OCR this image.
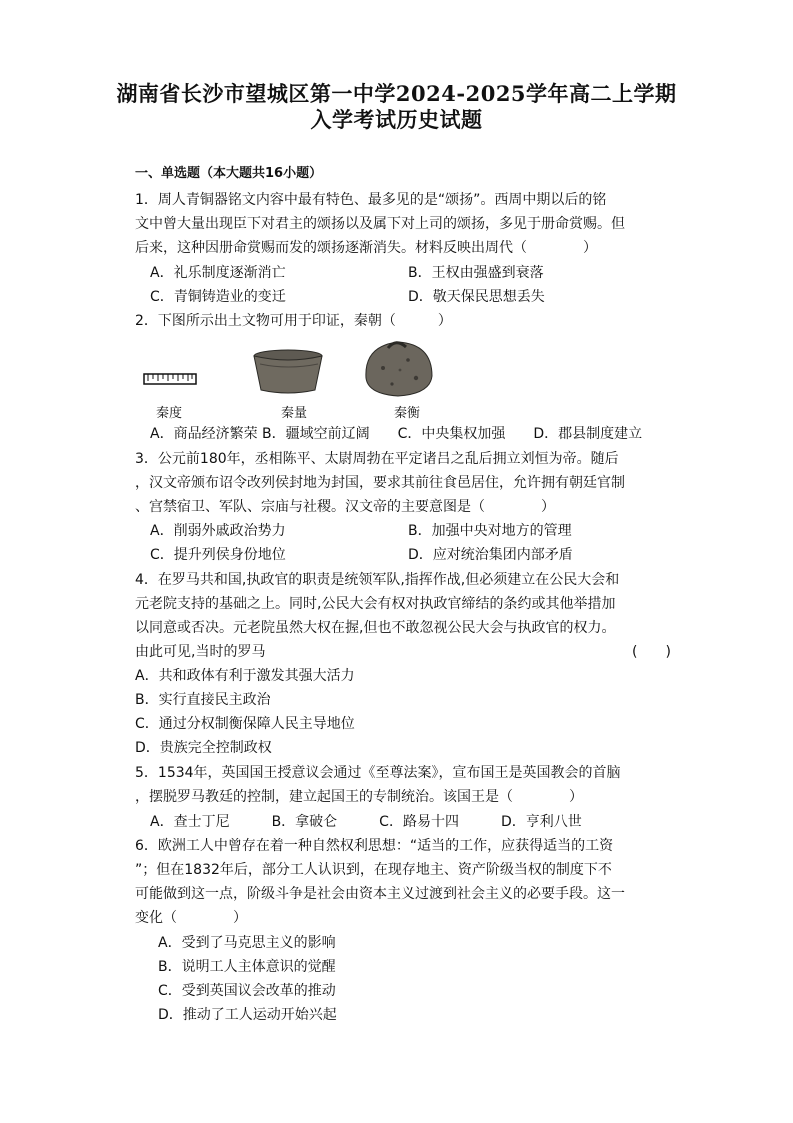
湖南省长沙市望城区第一中学2024-2025学年高二上学期
入学考试历史试题
一、单选题（本大题共16小题）
1．周人青铜器铭文内容中最有特色、最多见的是“颂扬”。西周中期以后的铭
文中曾大量出现臣下对君主的颂扬以及属下对上司的颂扬，多见于册命赏赐。但
后来，这种因册命赏赐而发的颂扬逐渐消失。材料反映出周代（　　　　）
A．礼乐制度逐渐消亡	B．王权由强盛到衰落
C．青铜铸造业的变迁	D．敬天保民思想丢失
2．下图所示出土文物可用于印证，秦朝（　　　）
秦度	秦量	秦衡
A．商品经济繁荣 B．疆域空前辽阔　　C．中央集权加强　　D．郡县制度建立
3．公元前180年，丞相陈平、太尉周勃在平定诸吕之乱后拥立刘恒为帝。随后
，汉文帝颁布诏令改列侯封地为封国，要求其前往食邑居住，允许拥有朝廷官制
、宫禁宿卫、军队、宗庙与社稷。汉文帝的主要意图是（　　　　）
A．削弱外戚政治势力	B．加强中央对地方的管理
C．提升列侯身份地位	D．应对统治集团内部矛盾
4．在罗马共和国,执政官的职责是统领军队,指挥作战,但必须建立在公民大会和
元老院支持的基础之上。同时,公民大会有权对执政官缔结的条约或其他举措加
以同意或否决。元老院虽然大权在握,但也不敢忽视公民大会与执政官的权力。
由此可见,当时的罗马	(　　)
A．共和政体有利于激发其强大活力
B．实行直接民主政治
C．通过分权制衡保障人民主导地位
D．贵族完全控制政权
5．1534年，英国国王授意议会通过《至尊法案》，宣布国王是英国教会的首脑
，摆脱罗马教廷的控制，建立起国王的专制统治。该国王是（　　　　）
A．查士丁尼　　　B．拿破仑　　　C．路易十四　　　D．亨利八世
6．欧洲工人中曾存在着一种自然权利思想：“适当的工作，应获得适当的工资
”；但在1832年后，部分工人认识到，在现存地主、资产阶级当权的制度下不
可能做到这一点，阶级斗争是社会由资本主义过渡到社会主义的必要手段。这一
变化（　　　　）
A．受到了马克思主义的影响
B．说明工人主体意识的觉醒
C．受到英国议会改革的推动
D．推动了工人运动开始兴起
